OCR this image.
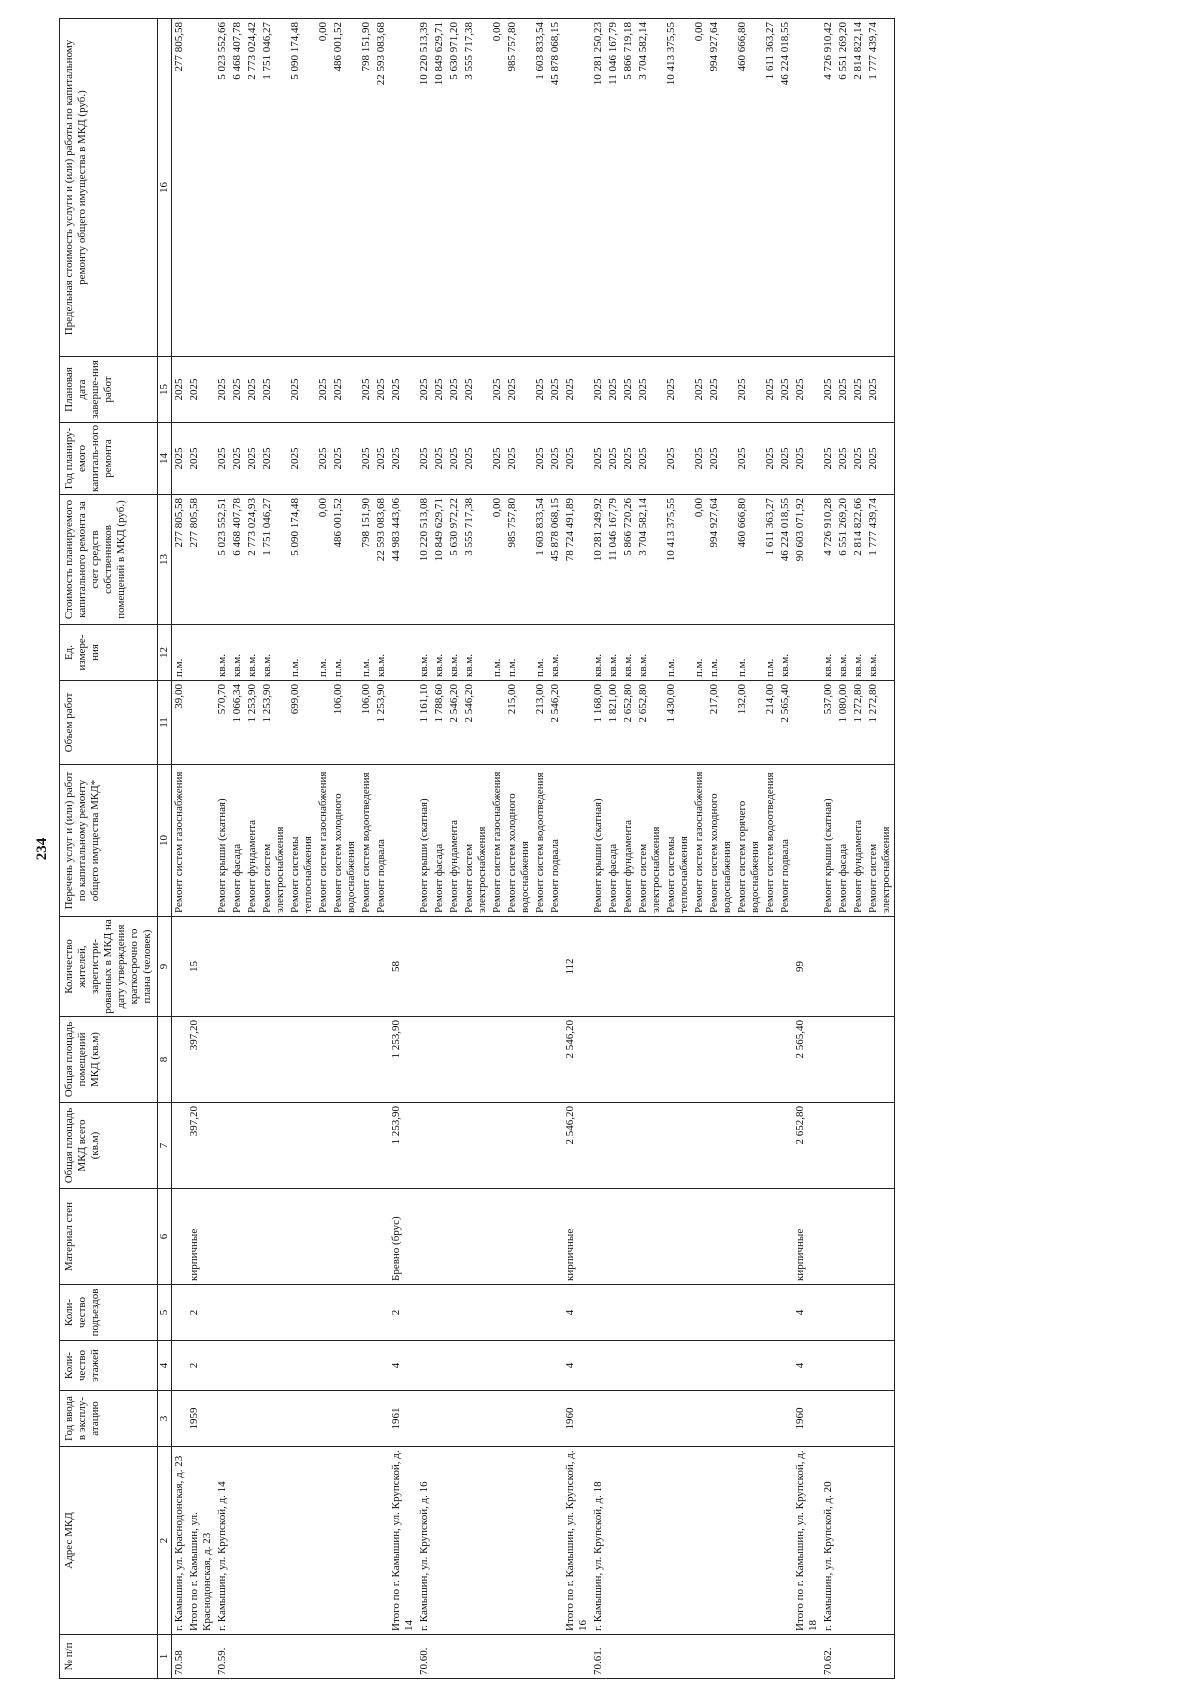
234
№ п/п	Адрес МКД	Год ввода в эксплу-атацию	Коли-чество этажей	Коли-чество подъездов	Материал стен	Общая площадь МКД всего (кв.м)	Общая площадь помещений МКД (кв.м)	Количество жителей, зарегистри-рованных в МКД на дату утверждения краткосрочно го плана (человек)	Перечень услуг и (или) работ по капитальному ремонту общего имущества МКД*	Объем работ	Ед. измере-ния	Стоимость планируемого капитального ремонта за счет средств собственников помещений в МКД (руб.)	Год планиру-емого капиталь-ного ремонта	Плановая дата заверше-ния работ	Предельная стоимость услуги и (или) работы по капитальному ремонту общего имущества в МКД (руб.)
1	2	3	4	5	6	7	8	9	10	11	12	13	14	15	16
70.58	г. Камышин, ул. Краснодонская, д. 23								Ремонт систем газоснабжения	39,00	п.м.	277 805,58	2025	2025	277 805,58
	Итого по г. Камышин, ул. Краснодонская, д. 23	1959	2	2	кирпичные	397,20	397,20	15				277 805,58	2025	2025	
70.59.	г. Камышин, ул. Крупской, д. 14								Ремонт крыши (скатная)	570,70	кв.м.	5 023 552,51	2025	2025	5 023 552,66
									Ремонт фасада	1 066,34	кв.м.	6 468 407,78	2025	2025	6 468 407,78
									Ремонт фундамента	1 253,90	кв.м.	2 773 024,93	2025	2025	2 773 024,42
									Ремонт систем электроснабжения	1 253,90	кв.м.	1 751 046,27	2025	2025	1 751 046,27
									Ремонт системы теплоснабжения	699,00	п.м.	5 090 174,48	2025	2025	5 090 174,48
									Ремонт систем газоснабжения		п.м.	0,00	2025	2025	0,00
									Ремонт систем холодного водоснабжения	106,00	п.м.	486 001,52	2025	2025	486 001,52
									Ремонт систем водоотведения	106,00	п.м.	798 151,90	2025	2025	798 151,90
									Ремонт подвала	1 253,90	кв.м.	22 593 083,68	2025	2025	22 593 083,68
	Итого по г. Камышин, ул. Крупской, д. 14	1961	4	2	Бревно (брус)	1 253,90	1 253,90	58				44 983 443,06	2025	2025	
70.60.	г. Камышин, ул. Крупской, д. 16								Ремонт крыши (скатная)	1 161,10	кв.м.	10 220 513,08	2025	2025	10 220 513,39
									Ремонт фасада	1 788,60	кв.м.	10 849 629,71	2025	2025	10 849 629,71
									Ремонт фундамента	2 546,20	кв.м.	5 630 972,22	2025	2025	5 630 971,20
									Ремонт систем электроснабжения	2 546,20	кв.м.	3 555 717,38	2025	2025	3 555 717,38
									Ремонт систем газоснабжения		п.м.	0,00	2025	2025	0,00
									Ремонт систем холодного водоснабжения	215,00	п.м.	985 757,80	2025	2025	985 757,80
									Ремонт систем водоотведения	213,00	п.м.	1 603 833,54	2025	2025	1 603 833,54
									Ремонт подвала	2 546,20	кв.м.	45 878 068,15	2025	2025	45 878 068,15
	Итого по г. Камышин, ул. Крупской, д. 16	1960	4	4	кирпичные	2 546,20	2 546,20	112				78 724 491,89	2025	2025	
70.61.	г. Камышин, ул. Крупской, д. 18								Ремонт крыши (скатная)	1 168,00	кв.м.	10 281 249,92	2025	2025	10 281 250,23
									Ремонт фасада	1 821,00	кв.м.	11 046 167,79	2025	2025	11 046 167,79
									Ремонт фундамента	2 652,80	кв.м.	5 866 720,26	2025	2025	5 866 719,18
									Ремонт систем электроснабжения	2 652,80	кв.м.	3 704 582,14	2025	2025	3 704 582,14
									Ремонт системы теплоснабжения	1 430,00	п.м.	10 413 375,55	2025	2025	10 413 375,55
									Ремонт систем газоснабжения		п.м.	0,00	2025	2025	0,00
									Ремонт систем холодного водоснабжения	217,00	п.м.	994 927,64	2025	2025	994 927,64
									Ремонт систем горячего водоснабжения	132,00	п.м.	460 666,80	2025	2025	460 666,80
									Ремонт систем водоотведения	214,00	п.м.	1 611 363,27	2025	2025	1 611 363,27
									Ремонт подвала	2 565,40	кв.м.	46 224 018,55	2025	2025	46 224 018,55
	Итого по г. Камышин, ул. Крупской, д. 18	1960	4	4	кирпичные	2 652,80	2 565,40	99				90 603 071,92	2025	2025	
70.62.	г. Камышин, ул. Крупской, д. 20								Ремонт крыши (скатная)	537,00	кв.м.	4 726 910,28	2025	2025	4 726 910,42
									Ремонт фасада	1 080,00	кв.м.	6 551 269,20	2025	2025	6 551 269,20
									Ремонт фундамента	1 272,80	кв.м.	2 814 822,66	2025	2025	2 814 822,14
									Ремонт систем электроснабжения	1 272,80	кв.м.	1 777 439,74	2025	2025	1 777 439,74
